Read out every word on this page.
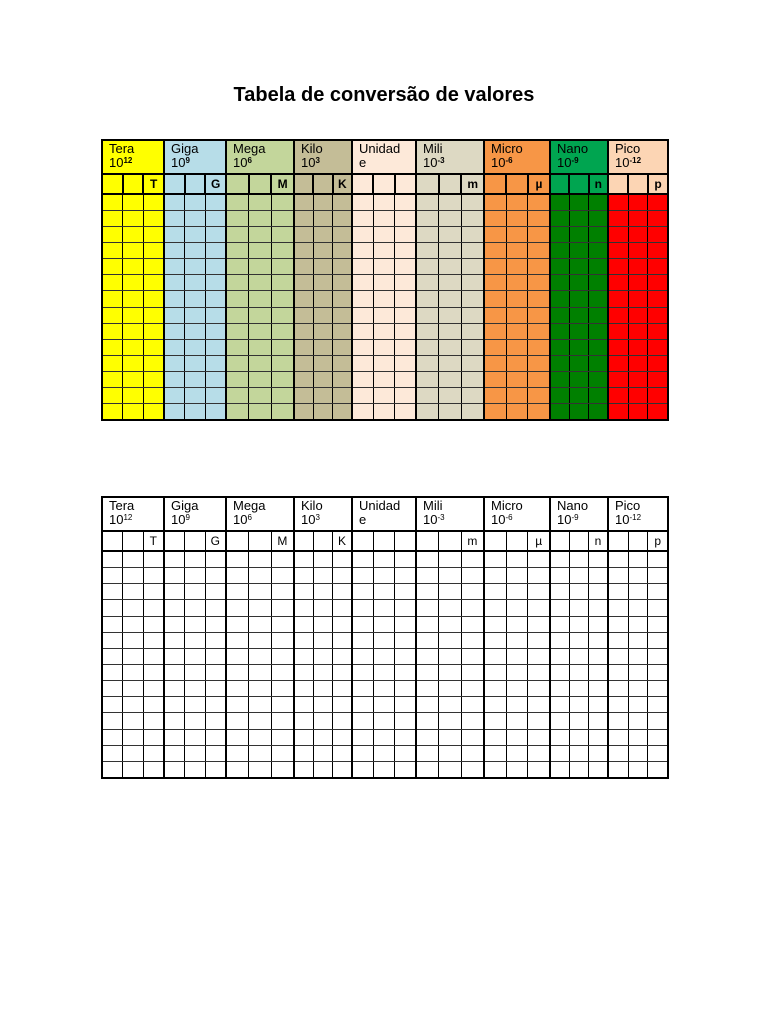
Tabela de conversão de valores
Tera
$10^{12}$
T
Giga
$10^9$
G
Mega
$10^6$
M
Kilo
$10^3$
K
Unidad
e
Mili
$10^{-3}$
m
Micro
$10^{-6}$
µ
Nano
$10^{-9}$
n
Pico
$10^{-12}$
p
Tera
$10^{12}$
T
Giga
$10^9$
G
Mega
$10^6$
M
Kilo
$10^3$
K
Unidad
e
Mili
$10^{-3}$
m
Micro
$10^{-6}$
µ
Nano
$10^{-9}$
n
Pico
$10^{-12}$
p
